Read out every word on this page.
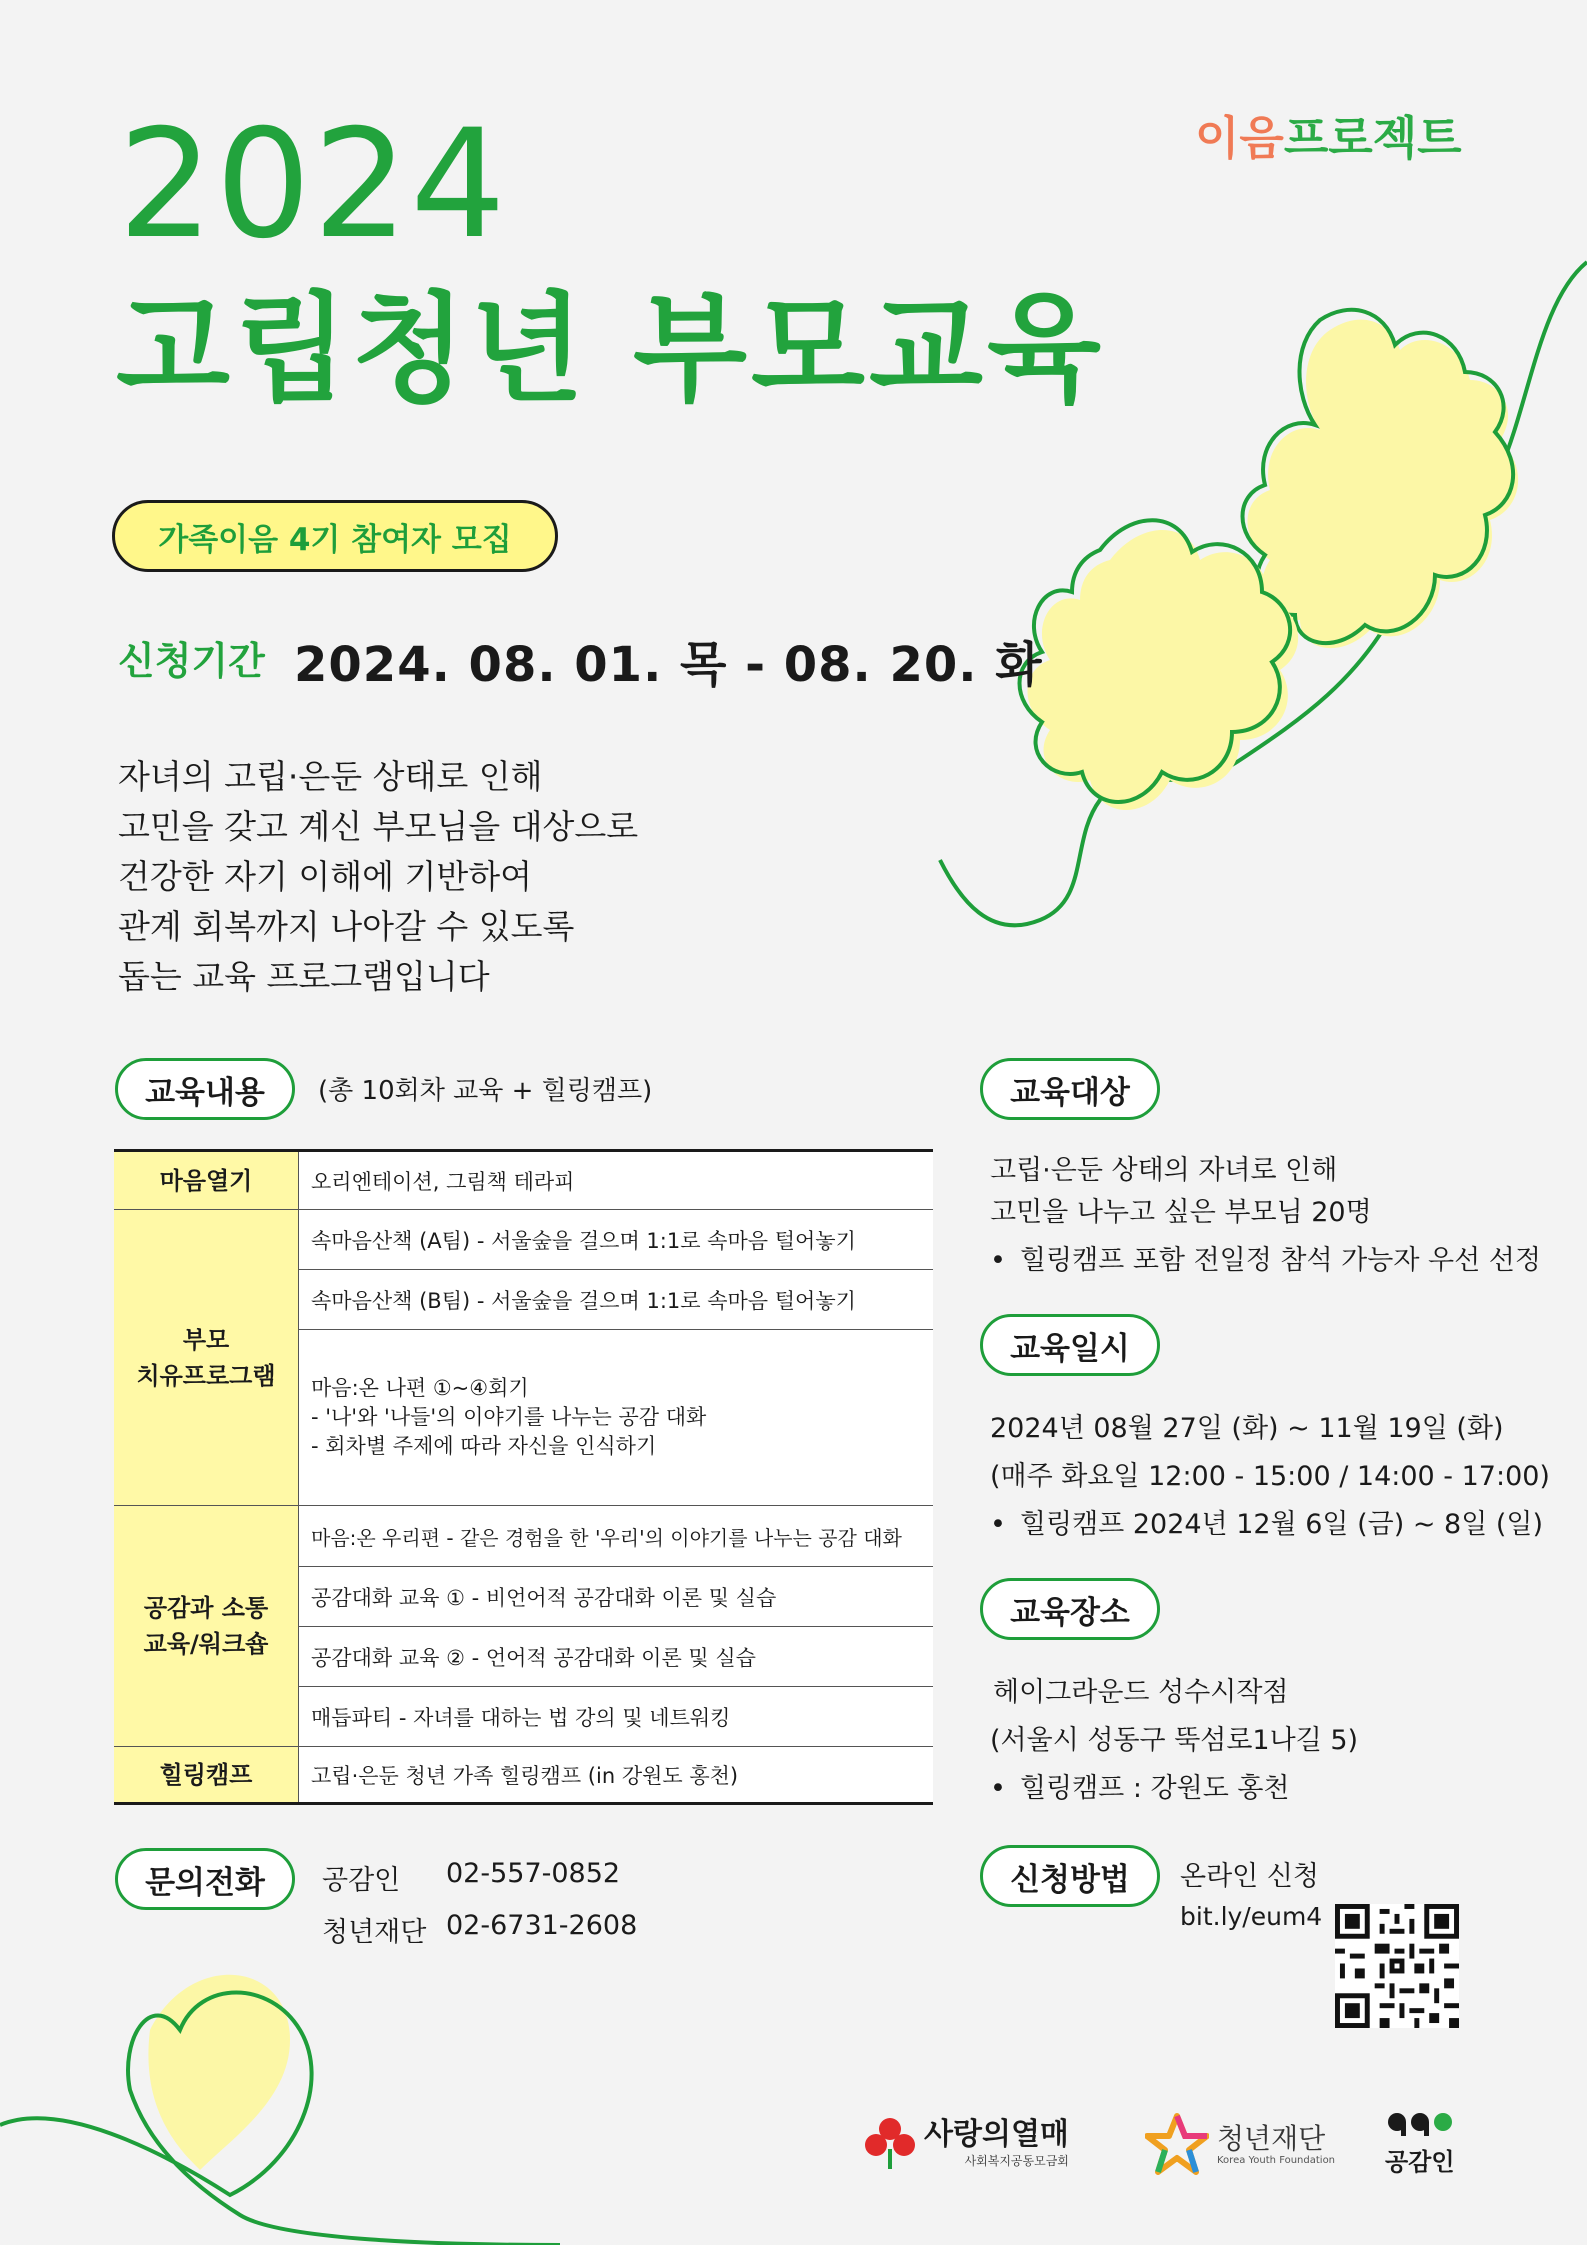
이음프로젝트
2024
고립청년 부모교육
가족이음 4기 참여자 모집
신청기간 2024. 08. 01. 목 - 08. 20. 화
자녀의 고립·은둔 상태로 인해
고민을 갖고 계신 부모님을 대상으로
건강한 자기 이해에 기반하여
관계 회복까지 나아갈 수 있도록
돕는 교육 프로그램입니다
교육내용	(총 10회차 교육 + 힐링캠프)
마음열기	오리엔테이션, 그림책 테라피

부모
치유프로그램	속마음산책 (A팀) - 서울숲을 걸으며 1:1로 속마음 털어놓기
	속마음산책 (B팀) - 서울숲을 걸으며 1:1로 속마음 털어놓기

	마음:온 나편 ①~④회기
- '나'와 '나들'의 이야기를 나누는 공감 대화
- 회차별 주제에 따라 자신을 인식하기

공감과 소통
교육/워크숍	마음:온 우리편 - 같은 경험을 한 '우리'의 이야기를 나누는 공감 대화
	공감대화 교육 ① - 비언어적 공감대화 이론 및 실습
	공감대화 교육 ② - 언어적 공감대화 이론 및 실습
	매듭파티 - 자녀를 대하는 법 강의 및 네트워킹
힐링캠프	고립·은둔 청년 가족 힐링캠프 (in 강원도 홍천)
문의전화	공감인 02-557-0852
청년재단 02-6731-2608
교육대상
고립·은둔 상태의 자녀로 인해
고민을 나누고 싶은 부모님 20명
• 힐링캠프 포함 전일정 참석 가능자 우선 선정
교육일시
2024년 08월 27일 (화) ~ 11월 19일 (화)
(매주 화요일 12:00 - 15:00 / 14:00 - 17:00)
• 힐링캠프 2024년 12월 6일 (금) ~ 8일 (일)
교육장소
헤이그라운드 성수시작점
(서울시 성동구 뚝섬로1나길 5)
• 힐링캠프 : 강원도 홍천
신청방법	온라인 신청
bit.ly/eum4
사랑의열매
사회복지공동모금회
청년재단
Korea Youth Foundation 공감인
